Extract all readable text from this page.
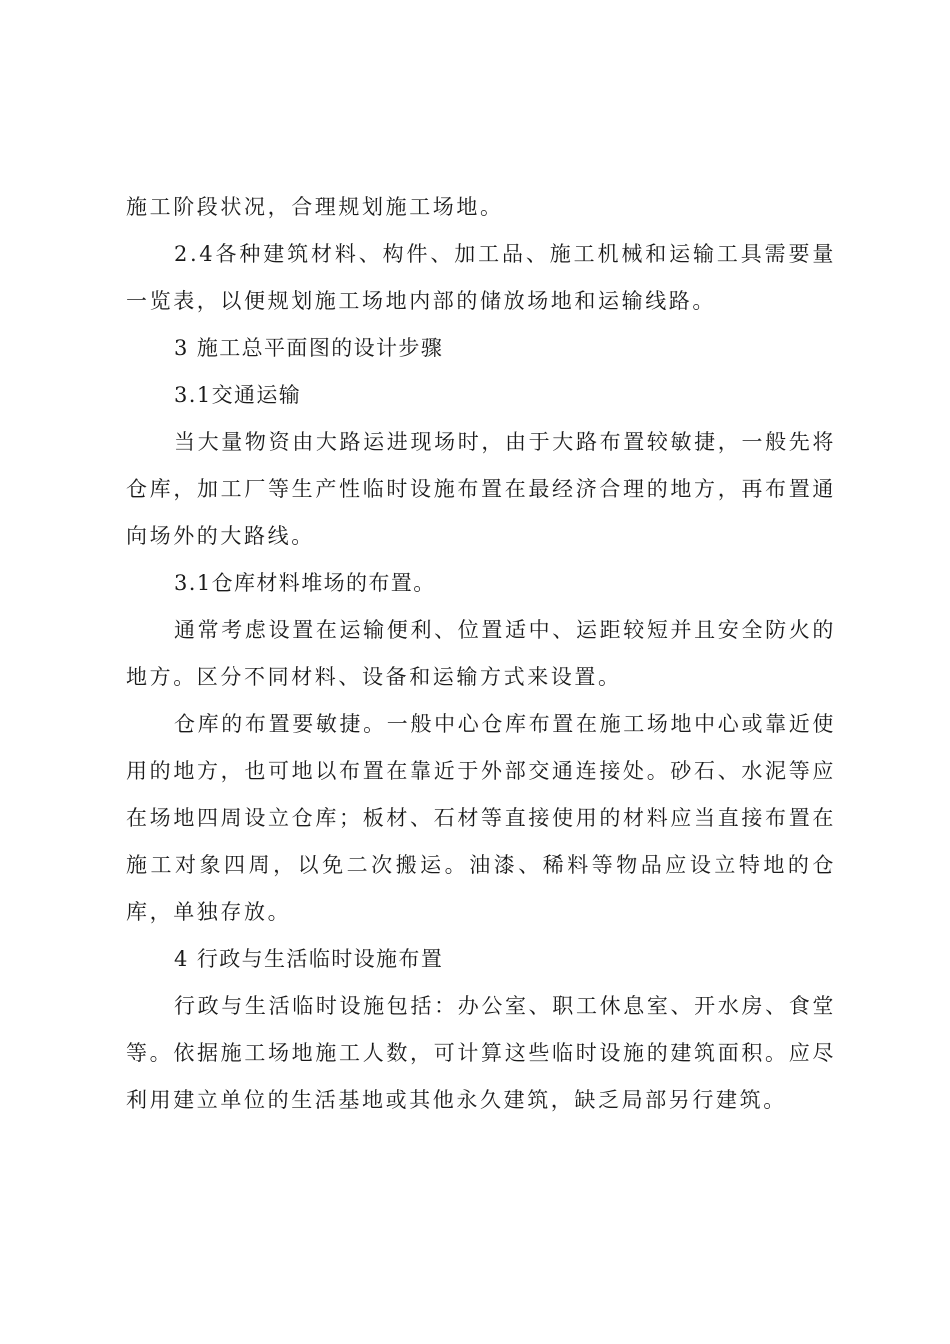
施工阶段状况，合理规划施工场地。

2.4各种建筑材料、构件、加工品、施工机械和运输工具需要量一览表，以便规划施工场地内部的储放场地和运输线路。

3 施工总平面图的设计步骤

3.1交通运输

当大量物资由大路运进现场时，由于大路布置较敏捷，一般先将仓库，加工厂等生产性临时设施布置在最经济合理的地方，再布置通向场外的大路线。

3.1仓库材料堆场的布置。

通常考虑设置在运输便利、位置适中、运距较短并且安全防火的地方。区分不同材料、设备和运输方式来设置。

仓库的布置要敏捷。一般中心仓库布置在施工场地中心或靠近使用的地方，也可地以布置在靠近于外部交通连接处。砂石、水泥等应在场地四周设立仓库；板材、石材等直接使用的材料应当直接布置在施工对象四周，以免二次搬运。油漆、稀料等物品应设立特地的仓库，单独存放。

4 行政与生活临时设施布置

行政与生活临时设施包括：办公室、职工休息室、开水房、食堂等。依据施工场地施工人数，可计算这些临时设施的建筑面积。应尽利用建立单位的生活基地或其他永久建筑，缺乏局部另行建筑。
